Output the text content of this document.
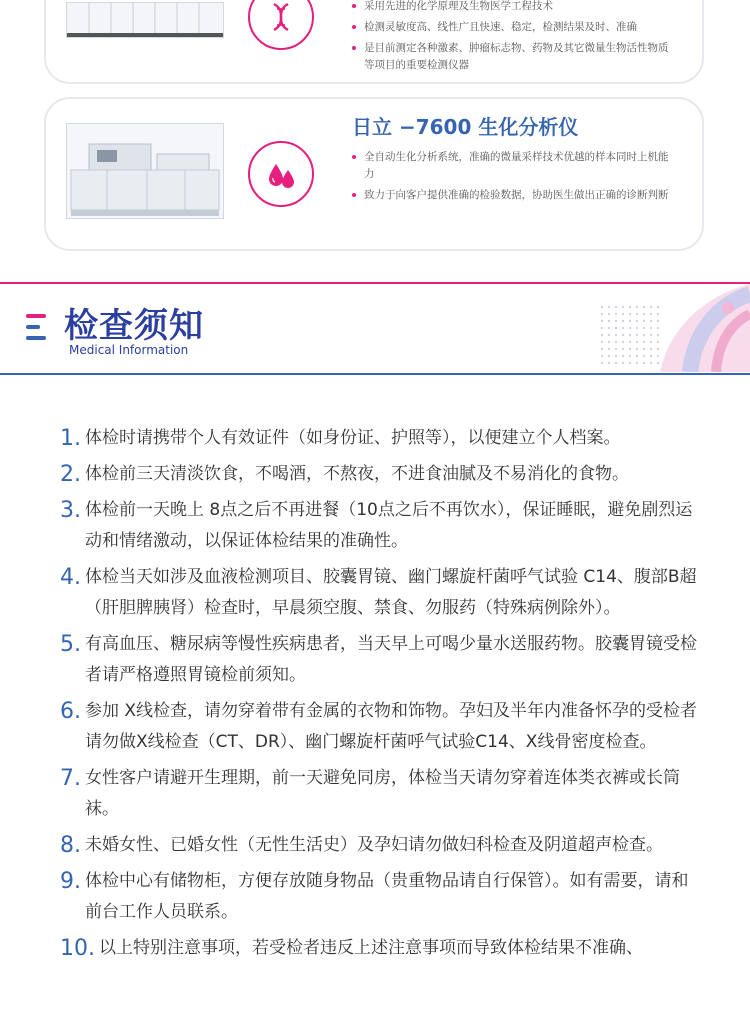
采用先进的化学原理及生物医学工程技术
检测灵敏度高、线性广且快速、稳定，检测结果及时、准确
是目前测定各种激素、肿瘤标志物、药物及其它微量生物活性物质等项目的重要检测仪器
日立 −7600 生化分析仪
全自动生化分析系统，准确的微量采样技术优越的样本同时上机能力
致力于向客户提供准确的检验数据，协助医生做出正确的诊断判断
检查须知
Medical Information
1. 体检时请携带个人有效证件（如身份证、护照等），以便建立个人档案。
2. 体检前三天清淡饮食，不喝酒，不熬夜，不进食油腻及不易消化的食物。
3. 体检前一天晚上 8点之后不再进餐（10点之后不再饮水），保证睡眠，避免剧烈运动和情绪激动，以保证体检结果的准确性。
4. 体检当天如涉及血液检测项目、胶囊胃镜、幽门螺旋杆菌呼气试验 C14、腹部B超（肝胆脾胰肾）检查时，早晨须空腹、禁食、勿服药（特殊病例除外）。
5. 有高血压、糖尿病等慢性疾病患者，当天早上可喝少量水送服药物。胶囊胃镜受检者请严格遵照胃镜检前须知。
6. 参加 X线检查，请勿穿着带有金属的衣物和饰物。孕妇及半年内准备怀孕的受检者请勿做X线检查（CT、DR）、幽门螺旋杆菌呼气试验C14、X线骨密度检查。
7. 女性客户请避开生理期，前一天避免同房，体检当天请勿穿着连体类衣裤或长筒袜。
8. 未婚女性、已婚女性（无性生活史）及孕妇请勿做妇科检查及阴道超声检查。
9. 体检中心有储物柜，方便存放随身物品（贵重物品请自行保管）。如有需要，请和前台工作人员联系。
10. 以上特别注意事项，若受检者违反上述注意事项而导致体检结果不准确、
